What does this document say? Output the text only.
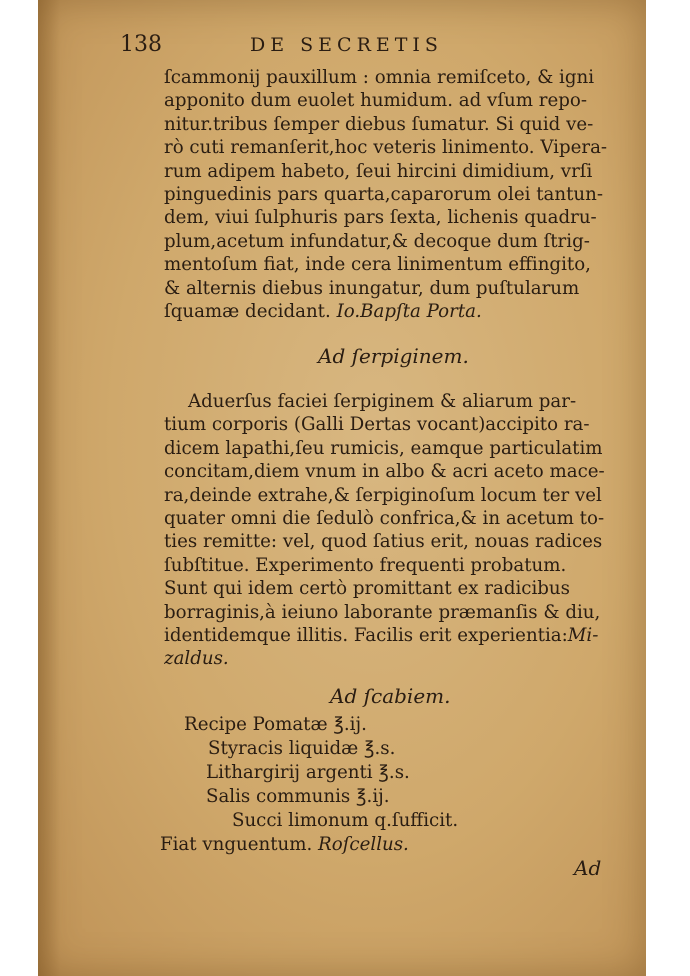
138	DE SECRETIS
ſcammonij pauxillum : omnia remiſceto, & igni
apponito dum euolet humidum. ad vſum repo-
nitur.tribus ſemper diebus ſumatur. Si quid ve-
rò cuti remanſerit,hoc veteris linimento. Vipera-
rum adipem habeto, ſeui hircini dimidium, vrſi
pinguedinis pars quarta,caparorum olei tantun-
dem, viui ſulphuris pars ſexta, lichenis quadru-
plum,acetum infundatur,& decoque dum ſtrig-
mentoſum fiat, inde cera linimentum effingito,
& alternis diebus inungatur, dum puſtularum
ſquamæ decidant. Io.Bapſta Porta.
Ad ſerpiginem.
Aduerſus faciei ſerpiginem & aliarum par-
tium corporis (Galli Dertas vocant)accipito ra-
dicem lapathi,ſeu rumicis, eamque particulatim
concitam,diem vnum in albo & acri aceto mace-
ra,deinde extrahe,& ſerpiginoſum locum ter vel
quater omni die ſedulò confrica,& in acetum to-
ties remitte: vel, quod ſatius erit, nouas radices
ſubſtitue. Experimento frequenti probatum.
Sunt qui idem certò promittant ex radicibus
borraginis,à ieiuno laborante præmanſis & diu,
identidemque illitis. Facilis erit experientia:Mi-
zaldus.
Ad ſcabiem.
Recipe Pomatæ ℥.ij.
Styracis liquidæ ℥.s.
Lithargirij argenti ℥.s.
Salis communis ℥.ij.
Succi limonum q.ſufficit.
Fiat vnguentum. Roſcellus.
Ad
